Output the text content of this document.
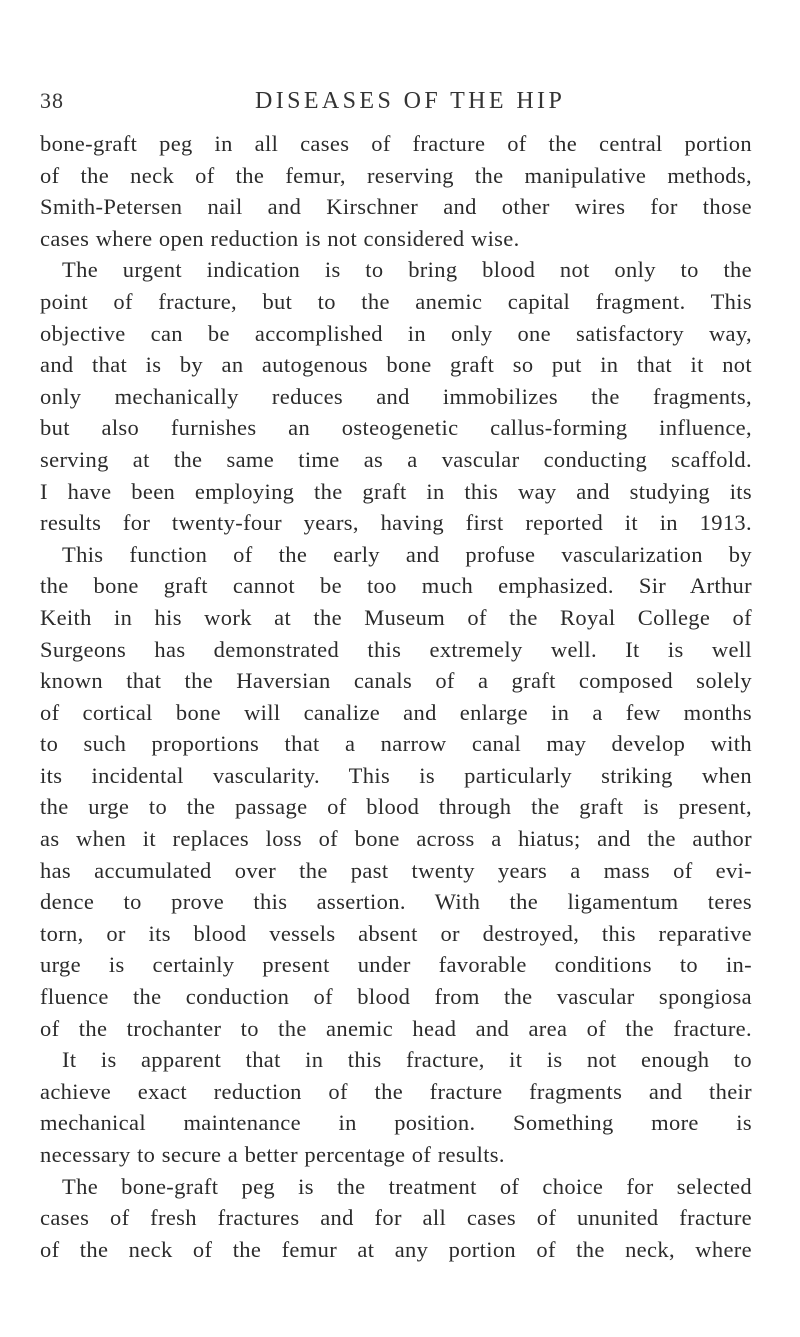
38	DISEASES OF THE HIP
bone-graft peg in all cases of fracture of the central portion
of the neck of the femur, reserving the manipulative methods,
Smith-Petersen nail and Kirschner and other wires for those
cases where open reduction is not considered wise.
The urgent indication is to bring blood not only to the
point of fracture, but to the anemic capital fragment. This
objective can be accomplished in only one satisfactory way,
and that is by an autogenous bone graft so put in that it not
only mechanically reduces and immobilizes the fragments,
but also furnishes an osteogenetic callus-forming influence,
serving at the same time as a vascular conducting scaffold.
I have been employing the graft in this way and studying its
results for twenty-four years, having first reported it in 1913.
This function of the early and profuse vascularization by
the bone graft cannot be too much emphasized. Sir Arthur
Keith in his work at the Museum of the Royal College of
Surgeons has demonstrated this extremely well. It is well
known that the Haversian canals of a graft composed solely
of cortical bone will canalize and enlarge in a few months
to such proportions that a narrow canal may develop with
its incidental vascularity. This is particularly striking when
the urge to the passage of blood through the graft is present,
as when it replaces loss of bone across a hiatus; and the author
has accumulated over the past twenty years a mass of evi-
dence to prove this assertion. With the ligamentum teres
torn, or its blood vessels absent or destroyed, this reparative
urge is certainly present under favorable conditions to in-
fluence the conduction of blood from the vascular spongiosa
of the trochanter to the anemic head and area of the fracture.
It is apparent that in this fracture, it is not enough to
achieve exact reduction of the fracture fragments and their
mechanical maintenance in position. Something more is
necessary to secure a better percentage of results.
The bone-graft peg is the treatment of choice for selected
cases of fresh fractures and for all cases of ununited fracture
of the neck of the femur at any portion of the neck, where
